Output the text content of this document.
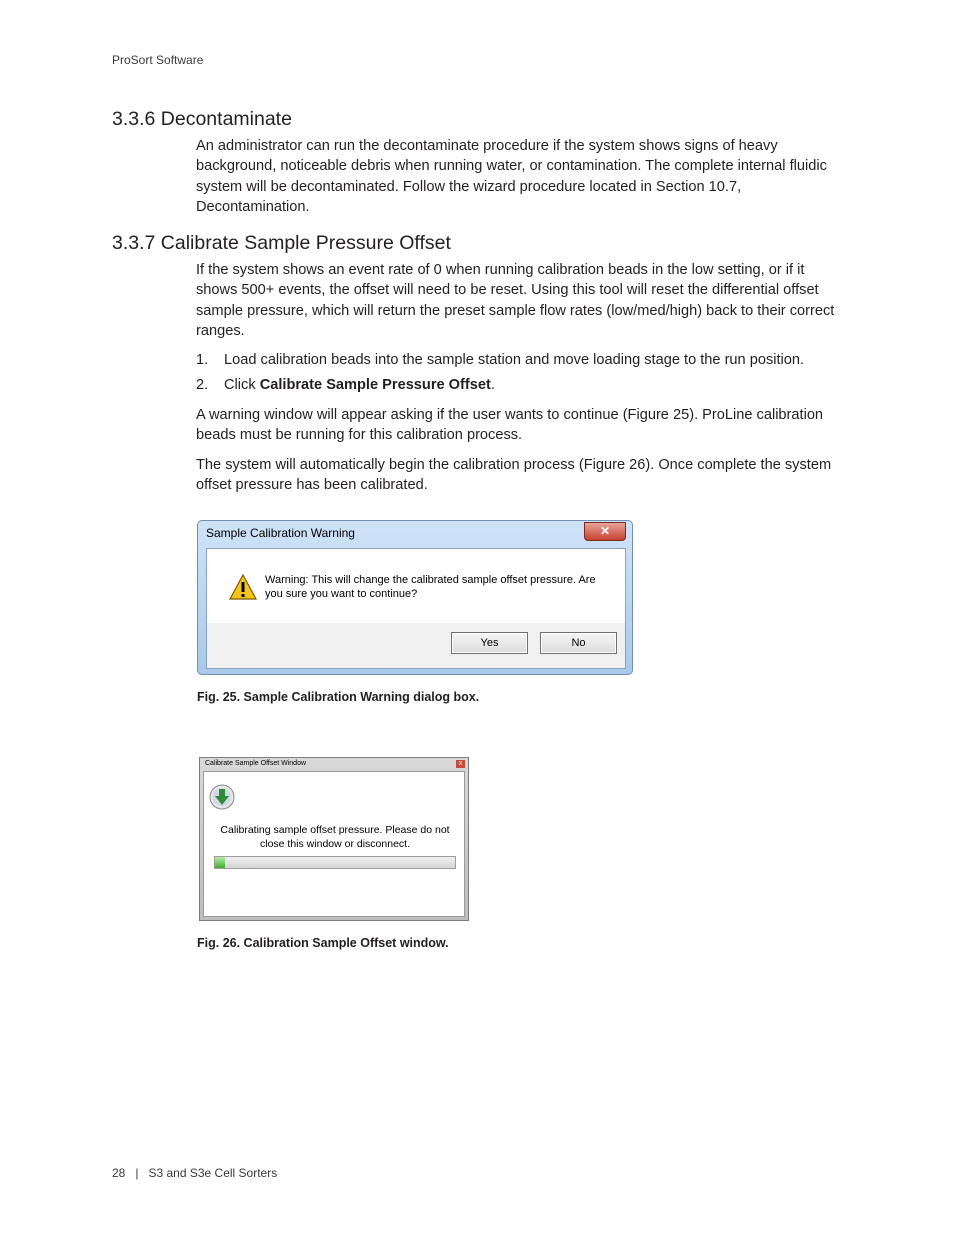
ProSort Software
3.3.6 Decontaminate

An administrator can run the decontaminate procedure if the system shows signs of heavy background, noticeable debris when running water, or contamination. The complete internal fluidic system will be decontaminated. Follow the wizard procedure located in Section 10.7, Decontamination.

3.3.7 Calibrate Sample Pressure Offset

If the system shows an event rate of 0 when running calibration beads in the low setting, or if it shows 500+ events, the offset will need to be reset. Using this tool will reset the differential offset sample pressure, which will return the preset sample flow rates (low/med/high) back to their correct ranges.

1. Load calibration beads into the sample station and move loading stage to the run position.
2. Click Calibrate Sample Pressure Offset.

A warning window will appear asking if the user wants to continue (Figure 25). ProLine calibration beads must be running for this calibration process.

The system will automatically begin the calibration process (Figure 26). Once complete the system offset pressure has been calibrated.

Sample Calibration Warning	✕
Warning: This will change the calibrated sample offset pressure. Are you sure you want to continue?
Yes	No
Fig. 25. Sample Calibration Warning dialog box.
Calibrate Sample Offset Window	x
Calibrating sample offset pressure. Please do not
close this window or disconnect.
Fig. 26. Calibration Sample Offset window.
28 | S3 and S3e Cell Sorters
